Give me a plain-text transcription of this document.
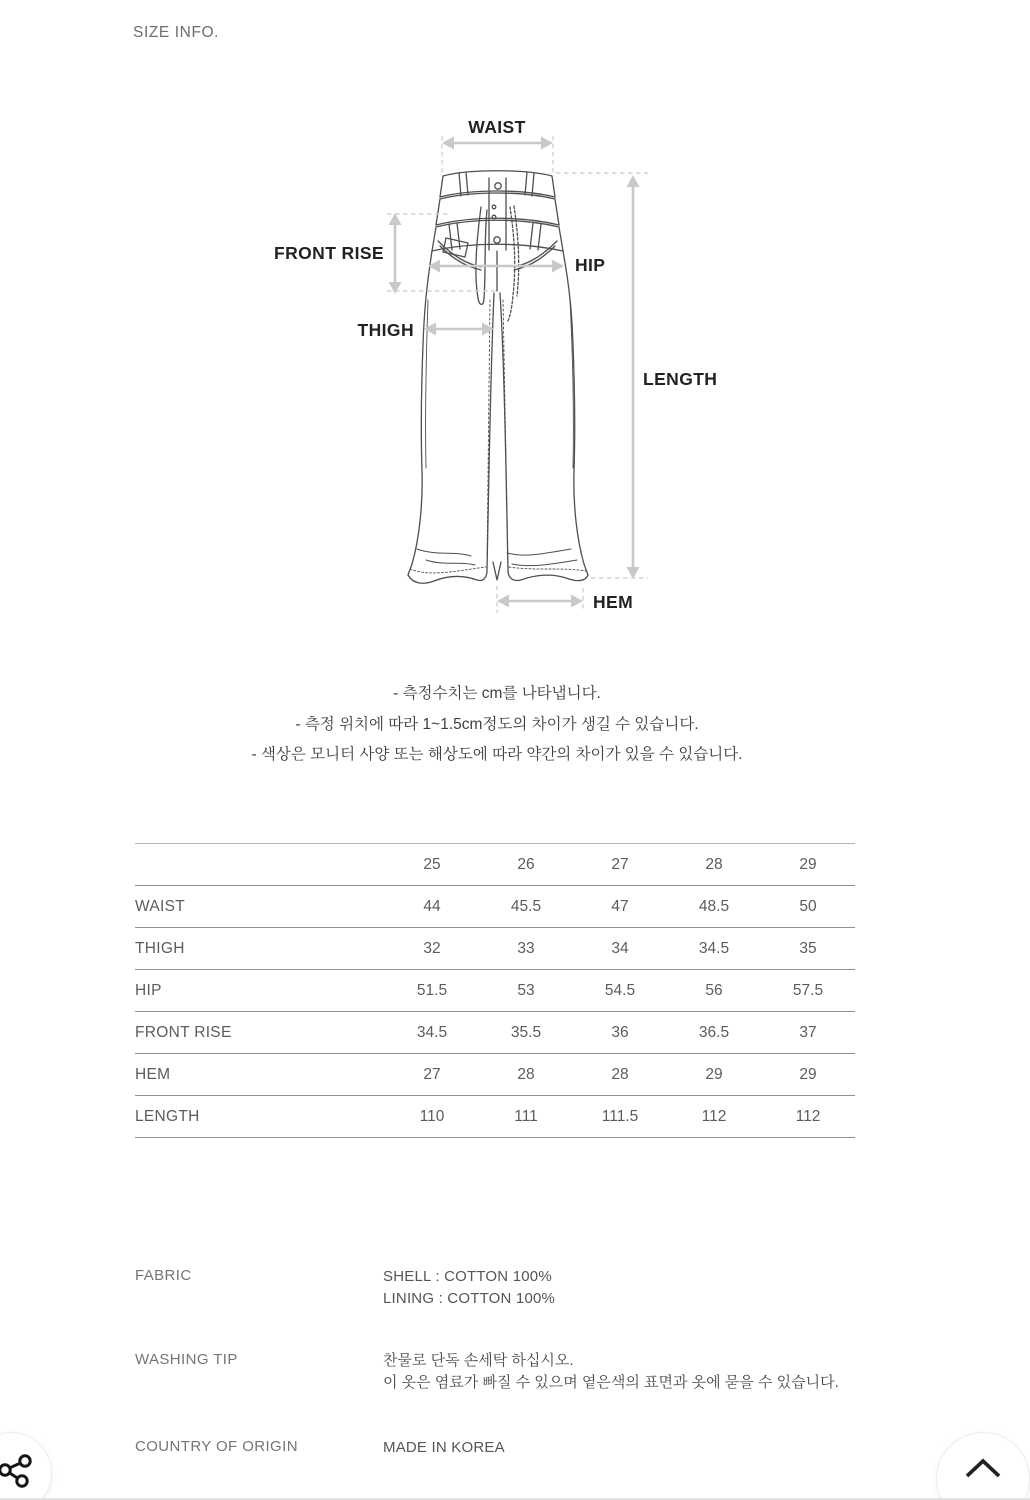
SIZE INFO.
WAIST
FRONT RISE
HIP
THIGH
LENGTH
HEM
- 측정수치는 cm를 나타냅니다.
- 측정 위치에 따라 1~1.5cm정도의 차이가 생길 수 있습니다.
- 색상은 모니터 사양 또는 해상도에 따라 약간의 차이가 있을 수 있습니다.
	25	26	27	28	29
WAIST	44	45.5	47	48.5	50
THIGH	32	33	34	34.5	35
HIP	51.5	53	54.5	56	57.5
FRONT RISE	34.5	35.5	36	36.5	37
HEM	27	28	28	29	29
LENGTH	110	111	111.5	112	112
FABRIC	SHELL : COTTON 100%
LINING : COTTON 100%
WASHING TIP	찬물로 단독 손세탁 하십시오.
이 옷은 염료가 빠질 수 있으며 옅은색의 표면과 옷에 묻을 수 있습니다.
COUNTRY OF ORIGIN	MADE IN KOREA
